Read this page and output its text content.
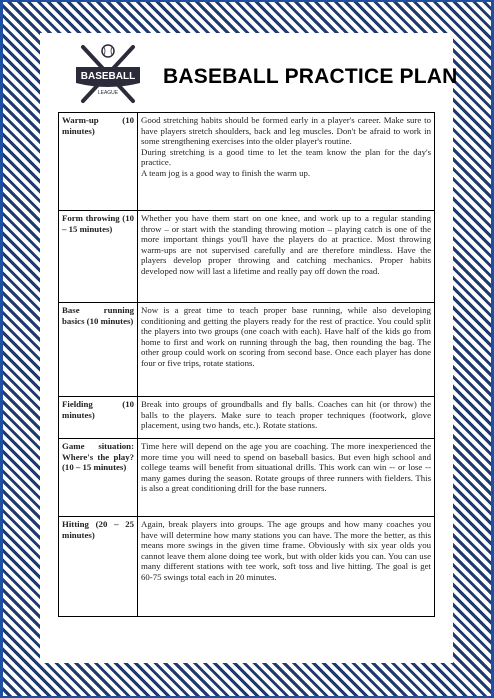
BASEBALL
LEAGUE
BASEBALL PRACTICE PLAN
Warm-up (10 minutes)	Good stretching habits should be formed early in a player's career. Make sure to have players stretch shoulders, back and leg muscles. Don't be afraid to work in some strengthening exercises into the older player's routine.
During stretching is a good time to let the team know the plan for the day's practice.
A team jog is a good way to finish the warm up.

Form throwing (10 – 15 minutes)	Whether you have them start on one knee, and work up to a regular standing throw – or start with the standing throwing motion – playing catch is one of the more important things you'll have the players do at practice. Most throwing warm-ups are not supervised carefully and are therefore mindless. Have the players develop proper throwing and catching mechanics. Proper habits developed now will last a lifetime and really pay off down the road.

Base running basics (10 minutes)	Now is a great time to teach proper base running, while also developing conditioning and getting the players ready for the rest of practice. You could split the players into two groups (one coach with each). Have half of the kids go from home to first and work on running through the bag, then rounding the bag. The other group could work on scoring from second base. Once each player has done four or five trips, rotate stations.

Fielding (10 minutes)	Break into groups of groundballs and fly balls. Coaches can hit (or throw) the balls to the players. Make sure to teach proper techniques (footwork, glove placement, using two hands, etc.). Rotate stations.

Game situation: Where's the play? (10 – 15 minutes)	Time here will depend on the age you are coaching. The more inexperienced the more time you will need to spend on baseball basics. But even high school and college teams will benefit from situational drills. This work can win -- or lose -- many games during the season. Rotate groups of three runners with fielders. This is also a great conditioning drill for the base runners.

Hitting (20 – 25 minutes)	Again, break players into groups. The age groups and how many coaches you have will determine how many stations you can have. The more the better, as this means more swings in the given time frame. Obviously with six year olds you cannot leave them alone doing tee work, but with older kids you can. You can use many different stations with tee work, soft toss and live hitting. The goal is get 60-75 swings total each in 20 minutes.
